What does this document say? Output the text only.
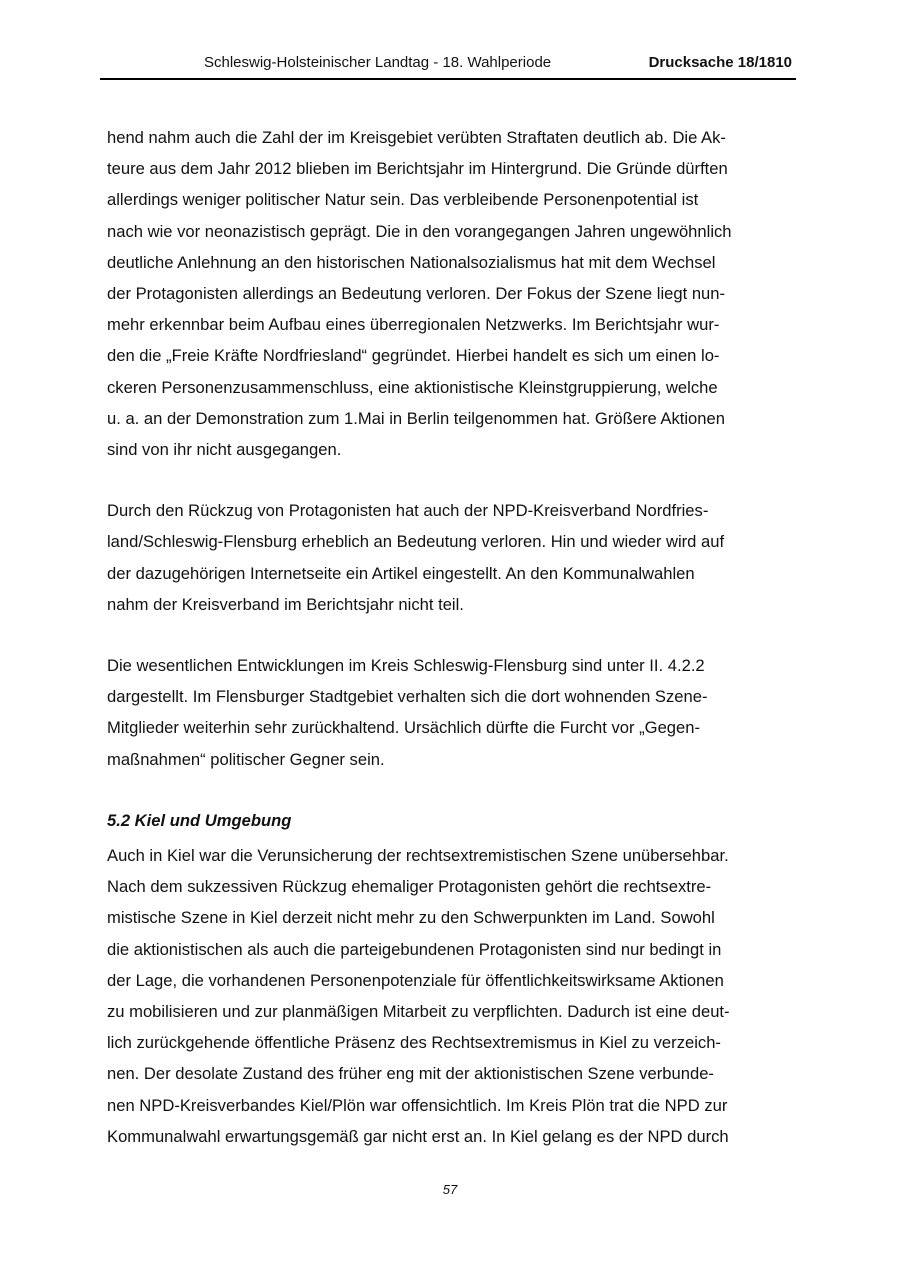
Schleswig-Holsteinischer Landtag - 18. Wahlperiode	Drucksache 18/1810

hend nahm auch die Zahl der im Kreisgebiet verübten Straftaten deutlich ab. Die Ak-
teure aus dem Jahr 2012 blieben im Berichtsjahr im Hintergrund. Die Gründe dürften
allerdings weniger politischer Natur sein. Das verbleibende Personenpotential ist
nach wie vor neonazistisch geprägt. Die in den vorangegangen Jahren ungewöhnlich
deutliche Anlehnung an den historischen Nationalsozialismus hat mit dem Wechsel
der Protagonisten allerdings an Bedeutung verloren. Der Fokus der Szene liegt nun-
mehr erkennbar beim Aufbau eines überregionalen Netzwerks. Im Berichtsjahr wur-
den die „Freie Kräfte Nordfriesland“ gegründet. Hierbei handelt es sich um einen lo-
ckeren Personenzusammenschluss, eine aktionistische Kleinstgruppierung, welche
u. a. an der Demonstration zum 1.Mai in Berlin teilgenommen hat. Größere Aktionen
sind von ihr nicht ausgegangen.

Durch den Rückzug von Protagonisten hat auch der NPD-Kreisverband Nordfries-
land/Schleswig-Flensburg erheblich an Bedeutung verloren. Hin und wieder wird auf
der dazugehörigen Internetseite ein Artikel eingestellt. An den Kommunalwahlen
nahm der Kreisverband im Berichtsjahr nicht teil.

Die wesentlichen Entwicklungen im Kreis Schleswig-Flensburg sind unter II. 4.2.2
dargestellt. Im Flensburger Stadtgebiet verhalten sich die dort wohnenden Szene-
Mitglieder weiterhin sehr zurückhaltend. Ursächlich dürfte die Furcht vor „Gegen-
maßnahmen“ politischer Gegner sein.

5.2 Kiel und Umgebung

Auch in Kiel war die Verunsicherung der rechtsextremistischen Szene unübersehbar.
Nach dem sukzessiven Rückzug ehemaliger Protagonisten gehört die rechtsextre-
mistische Szene in Kiel derzeit nicht mehr zu den Schwerpunkten im Land. Sowohl
die aktionistischen als auch die parteigebundenen Protagonisten sind nur bedingt in
der Lage, die vorhandenen Personenpotenziale für öffentlichkeitswirksame Aktionen
zu mobilisieren und zur planmäßigen Mitarbeit zu verpflichten. Dadurch ist eine deut-
lich zurückgehende öffentliche Präsenz des Rechtsextremismus in Kiel zu verzeich-
nen. Der desolate Zustand des früher eng mit der aktionistischen Szene verbunde-
nen NPD-Kreisverbandes Kiel/Plön war offensichtlich. Im Kreis Plön trat die NPD zur
Kommunalwahl erwartungsgemäß gar nicht erst an. In Kiel gelang es der NPD durch

57
